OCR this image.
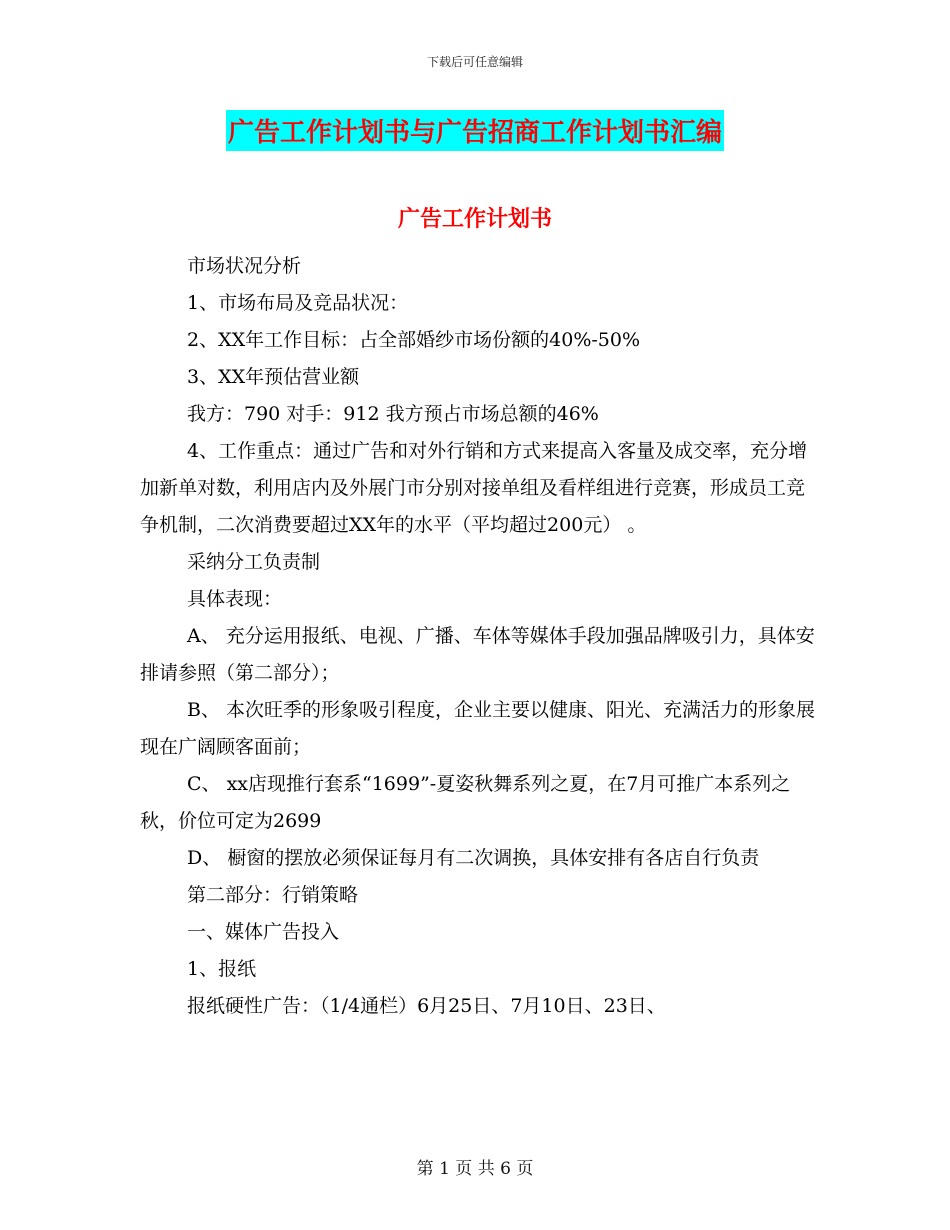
下载后可任意编辑
广告工作计划书与广告招商工作计划书汇编
广告工作计划书

市场状况分析

1、市场布局及竞品状况：

2、XX年工作目标：占全部婚纱市场份额的40%-50%

3、XX年预估营业额

我方：790 对手：912 我方预占市场总额的46%

4、工作重点：通过广告和对外行销和方式来提高入客量及成交率，充分增加新单对数，利用店内及外展门市分别对接单组及看样组进行竞赛，形成员工竞争机制，二次消费要超过XX年的水平（平均超过200元） 。

采纳分工负责制

具体表现：

A、 充分运用报纸、电视、广播、车体等媒体手段加强品牌吸引力，具体安排请参照（第二部分）；

B、 本次旺季的形象吸引程度，企业主要以健康、阳光、充满活力的形象展现在广阔顾客面前；

C、 xx店现推行套系“1699”-夏姿秋舞系列之夏，在7月可推广本系列之秋，价位可定为2699

D、 橱窗的摆放必须保证每月有二次调换，具体安排有各店自行负责

第二部分：行销策略

一、媒体广告投入

1、报纸

报纸硬性广告：（1/4通栏）6月25日、7月10日、23日、

第 1 页 共 6 页
